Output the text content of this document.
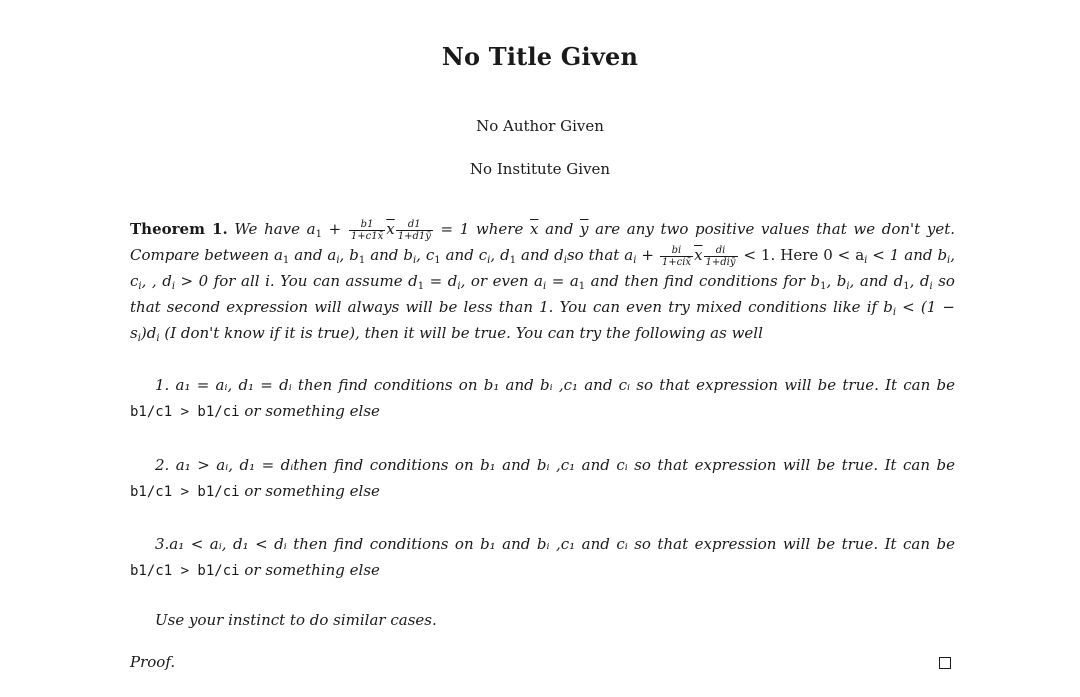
No Title Given
No Author Given
No Institute Given
Theorem 1. We have $a_1 + \frac{b1}{1+c1x̄} \overline{x} \frac{d1}{1+d1ȳ} = 1$ where $\overline{x}$ and $\overline{y}$ are any two positive values that we don't yet. Compare between $a_1$ and $a_i$, $b_1$ and $b_i$, $c_1$ and $c_i$, $d_1$ and $d_iso$ that $a_i + \frac{bi}{\text{1+cix̄}} \overline{x} \frac{di}{\text{1+diȳ}} < 1$. Here $0 < a_i < 1$ and $b_i$, $c_i$, , $d_i > 0$ for all i. You can assume $d_1 = d_i$, or even $a_i = a_1$ and then find conditions for $b_1$, $b_i$, and $d_1$, $d_i$ so that second expression will always will be less than 1. You can even try mixed conditions like if $b_i < (1 - s_i)d_i$ (I don't know if it is true), then it will be true. You can try the following as well
1. a₁ = aᵢ, d₁ = dᵢ then find conditions on b₁ and bᵢ ,c₁ and cᵢ so that expression will be true. It can be
b1/c1 > b1/ci or something else
2. a₁ > aᵢ, d₁ = dᵢthen find conditions on b₁ and bᵢ ,c₁ and cᵢ so that expression will be true. It can be
b1/c1 > b1/ci or something else
3.a₁ < aᵢ, d₁ < dᵢ then find conditions on b₁ and bᵢ ,c₁ and cᵢ so that expression will be true. It can be
b1/c1 > b1/ci or something else
Use your instinct to do similar cases.
Proof.
